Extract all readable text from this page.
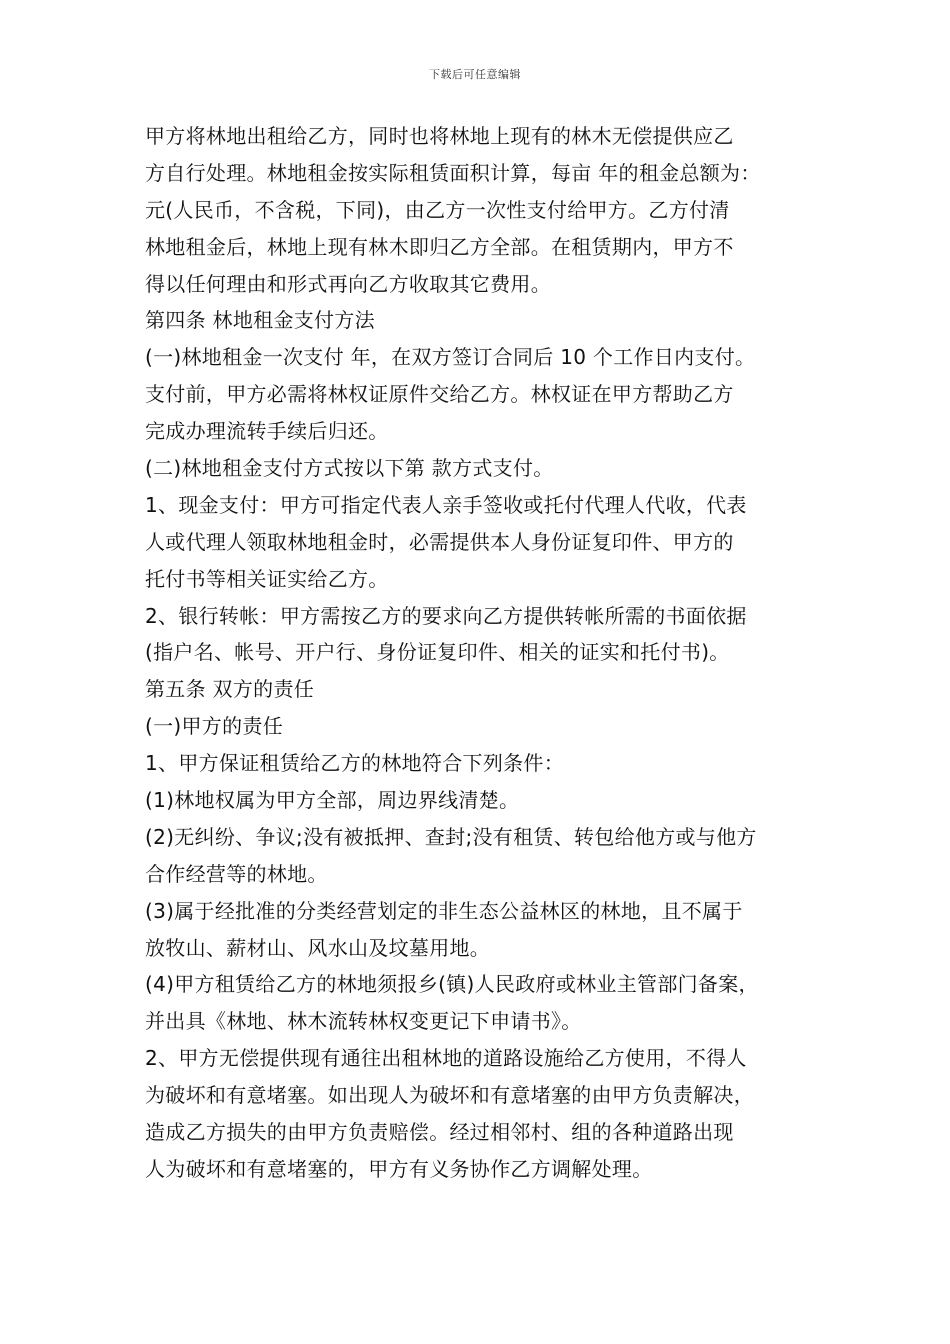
下载后可任意编辑
甲方将林地出租给乙方，同时也将林地上现有的林木无偿提供应乙
方自行处理。林地租金按实际租赁面积计算，每亩 年的租金总额为：
元(人民币，不含税，下同)，由乙方一次性支付给甲方。乙方付清
林地租金后，林地上现有林木即归乙方全部。在租赁期内，甲方不
得以任何理由和形式再向乙方收取其它费用。
第四条 林地租金支付方法
(一)林地租金一次支付 年，在双方签订合同后 10 个工作日内支付。
支付前，甲方必需将林权证原件交给乙方。林权证在甲方帮助乙方
完成办理流转手续后归还。
(二)林地租金支付方式按以下第 款方式支付。
1、现金支付：甲方可指定代表人亲手签收或托付代理人代收，代表
人或代理人领取林地租金时，必需提供本人身份证复印件、甲方的
托付书等相关证实给乙方。
2、银行转帐：甲方需按乙方的要求向乙方提供转帐所需的书面依据
(指户名、帐号、开户行、身份证复印件、相关的证实和托付书)。
第五条 双方的责任
(一)甲方的责任
1、甲方保证租赁给乙方的林地符合下列条件：
(1)林地权属为甲方全部，周边界线清楚。
(2)无纠纷、争议;没有被抵押、查封;没有租赁、转包给他方或与他方
合作经营等的林地。
(3)属于经批准的分类经营划定的非生态公益林区的林地，且不属于
放牧山、薪材山、风水山及坟墓用地。
(4)甲方租赁给乙方的林地须报乡(镇)人民政府或林业主管部门备案，
并出具《林地、林木流转林权变更记下申请书》。
2、甲方无偿提供现有通往出租林地的道路设施给乙方使用，不得人
为破坏和有意堵塞。如出现人为破坏和有意堵塞的由甲方负责解决，
造成乙方损失的由甲方负责赔偿。经过相邻村、组的各种道路出现
人为破坏和有意堵塞的，甲方有义务协作乙方调解处理。
